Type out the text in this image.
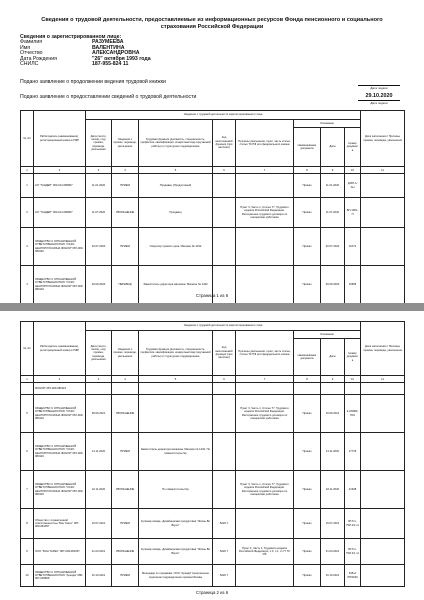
Сведения о трудовой деятельности, предоставляемые из информационных ресурсов Фонда пенсионного и социального страхования Российской Федерации
Сведения о зарегистрированном лице:
Фамилия	РАЗУМЕЕВА
Имя	ВАЛЕНТИНА
Отчество	АЛЕКСАНДРОВНА
Дата Рождения	"26" октября 1993 года
СНИЛС	187-955-824 11
Подано заявление о продолжении ведения трудовой книжки
Дата подачи
Подано заявление о предоставлении сведений о трудовой деятельности	29.10.2020
Дата подачи
№ п/п	Работодатель (наименование), регистрационный номер в ПФР	Сведения о трудовой деятельности зарегистрированного лица								Дата заполнения / Причины приема, перевода, увольнения
		Дата (число, месяц, год) приема, перевода, увольнения	Сведения о приеме, переводе, увольнении	Трудовая функция (должность, специальность, профессия, квалификация, конкретный вид поручаемой работы) и структурное подразделение	Код выполняемой функции (при наличии)	Причины увольнения, пункт, часть статьи, статья ТК РФ или федерального закона	Основание			
							Наименование документа	Дата	Номер документа	
1	2	3	4	5	6	7	8	9	10	11
1	АО "ТАНДЕР" 060-014-080807	11.01.2020	ПРИЕМ	Продавец (Продуктовый)			Приказ	11.01.2020	Д-БП-1/АН	
2	АО "ТАНДЕР" 060-014-080807	11.07.2020	УВОЛЬНЕНИЕ	Продавец		Пункт 3, Часть 1, Статья 77, Трудового кодекса Российской Федерации. Расторжение трудового договора по инициативе работника	Приказ	11.07.2020	БП-1001-П	
3	ОБЩЕСТВО С ОГРАНИЧЕННОЙ ОТВЕТСТВЕННОСТЬЮ "ОСКО ЦЕНТОРЛ ЮСКИНА ФОНЛИ" 087-009-080119	20.07.2020	ПРИЕМ	Оператор прямого цеха. Магазин № 1432			Приказ	20.07.2020	11072	
4	ОБЩЕСТВО С ОГРАНИЧЕННОЙ ОТВЕТСТВЕННОСТЬЮ "ОСКО ЦЕНТОРЛ ЮСКИНА ФОНЛИ" 087-009-080119	29.09.2020	ПЕРЕВОД	Заместитель директора магазина. Магазин № 1432			Приказ	29.09.2020	15685	
Страница 1 из 6
№ п/п	Работодатель (наименование), регистрационный номер в ПФР	Сведения о трудовой деятельности зарегистрированного лица								Дата заполнения / Причины приема, перевода, увольнения
		Дата (число, месяц, год) приема, перевода, увольнения	Сведения о приеме, переводе, увольнении	Трудовая функция (должность, специальность, профессия, квалификация, конкретный вид поручаемой работы) и структурное подразделение	Код выполняемой функции (при наличии)	Причины увольнения, пункт, часть статьи, статья ТК РФ или федерального закона	Основание			
							Наименование документа	Дата	Номер документа	
1	2	3	4	5	6	7	8	9	10	11
	ФОНЛИ" 087-009-080119									
5	ОБЩЕСТВО С ОГРАНИЧЕННОЙ ОТВЕТСТВЕННОСТЬЮ "ОСКО ЦЕНТОРЛ ЮСКИНА ФОНЛИ" 087-009-080119	28.09.2021	УВОЛЬНЕНИЕ			Пункт 3, Часть 1, Статья 77, Трудового кодекса Российской Федерации. Расторжение трудового договора по инициативе работника	Приказ	15.09.2021	2-К/0803-П01	
6	ОБЩЕСТВО С ОГРАНИЧЕННОЙ ОТВЕТСТВЕННОСТЬЮ "ОСКО ЦЕНТОРЛ ЮСКИНА ФОНЛИ" 087-009-080119	14.11.2020	ПРИЕМ	Заместитель директора магазина. Магазин № 1432. По совместительству			Приказ	13.11.2020	17715	
7	ОБЩЕСТВО С ОГРАНИЧЕННОЙ ОТВЕТСТВЕННОСТЬЮ "ОСКО ЦЕНТОРЛ ЮСКИНА ФОНЛИ" 087-009-080119	22.11.2020	УВОЛЬНЕНИЕ	По совместительству		Пункт 3, Часть 1, Статья 77, Трудового кодекса Российской Федерации. Расторжение трудового договора по инициативе работника	Приказ	18.11.2020	21938	
8	Общество с ограниченной ответственностью "Бон Тарес" 087-009-081057	16.07.2021	ПРИЕМ	Кулинар-пекарь. Дизайнерская продуктовая "Жизнь Во Вкусе"	5220.7		Приказ	15.07.2021	БТЛ-1-75И 4/2 лс	
9	ООО "БОН ТАРЕС" 087-009-081057	31.03.2021	УВОЛЬНЕНИЕ	Кулинар-пекарь. Дизайнерская продуктовая "Жизнь Во Вкусе"	5220.7	Пункт 3, Часть 1, Трудового кодекса Российской Федерации, п.3, ч.1, ст.77 ТК РФ	Приказ	21.03.2021	БТЛ-1-75И 4/1 лс	
10	ОБЩЕСТВО С ОГРАНИЧЕННОЙ ОТВЕТСТВЕННОСТЬЮ "Аркада" 088-007-048829	16.10.2021	ПРИЕМ	Менеджер по продажам. ООО "Аркада" Центральное отделение подразделение приема Москвы	5220.7		Приказ	16.10.2021	548-к/ЛП/0040	
Страница 2 из 6
